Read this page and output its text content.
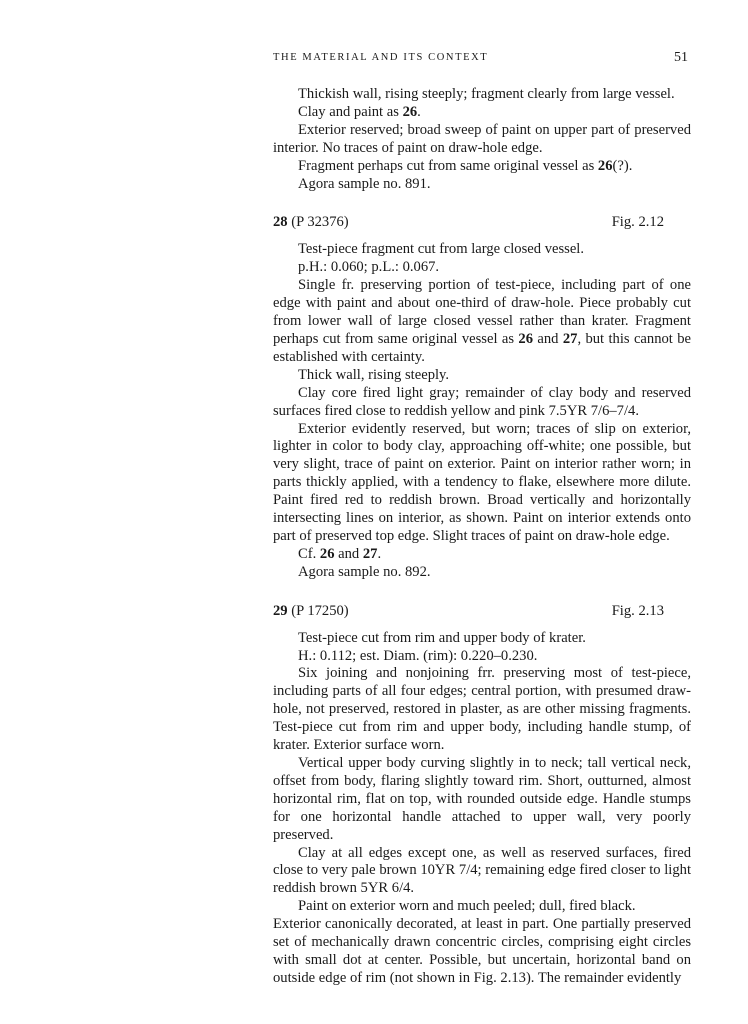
THE MATERIAL AND ITS CONTEXT	51

Thickish wall, rising steeply; fragment clearly from large vessel.

Clay and paint as 26.

Exterior reserved; broad sweep of paint on upper part of preserved interior. No traces of paint on draw-hole edge.

Fragment perhaps cut from same original vessel as 26(?).

Agora sample no. 891.

28 (P 32376)	Fig. 2.12

Test-piece fragment cut from large closed vessel.

p.H.: 0.060; p.L.: 0.067.

Single fr. preserving portion of test-piece, including part of one edge with paint and about one-third of draw-hole. Piece probably cut from lower wall of large closed vessel rather than krater. Fragment perhaps cut from same original vessel as 26 and 27, but this cannot be established with certainty.

Thick wall, rising steeply.

Clay core fired light gray; remainder of clay body and reserved surfaces fired close to reddish yellow and pink 7.5YR 7/6–7/4.

Exterior evidently reserved, but worn; traces of slip on exterior, lighter in color to body clay, approaching off-white; one possible, but very slight, trace of paint on exterior. Paint on interior rather worn; in parts thickly applied, with a tendency to flake, elsewhere more dilute. Paint fired red to reddish brown. Broad vertically and horizontally intersecting lines on interior, as shown. Paint on interior extends onto part of preserved top edge. Slight traces of paint on draw-hole edge.

Cf. 26 and 27.

Agora sample no. 892.

29 (P 17250)	Fig. 2.13

Test-piece cut from rim and upper body of krater.

H.: 0.112; est. Diam. (rim): 0.220–0.230.

Six joining and nonjoining frr. preserving most of test-piece, including parts of all four edges; central portion, with presumed draw-hole, not preserved, restored in plaster, as are other missing fragments. Test-piece cut from rim and upper body, including handle stump, of krater. Exterior surface worn.

Vertical upper body curving slightly in to neck; tall vertical neck, offset from body, flaring slightly toward rim. Short, outturned, almost horizontal rim, flat on top, with rounded outside edge. Handle stumps for one horizontal handle attached to upper wall, very poorly preserved.

Clay at all edges except one, as well as reserved surfaces, fired close to very pale brown 10YR 7/4; remaining edge fired closer to light reddish brown 5YR 6/4.

Paint on exterior worn and much peeled; dull, fired black.

Exterior canonically decorated, at least in part. One partially preserved set of mechanically drawn concentric circles, comprising eight circles with small dot at center. Possible, but uncertain, horizontal band on outside edge of rim (not shown in Fig. 2.13). The remainder evidently
